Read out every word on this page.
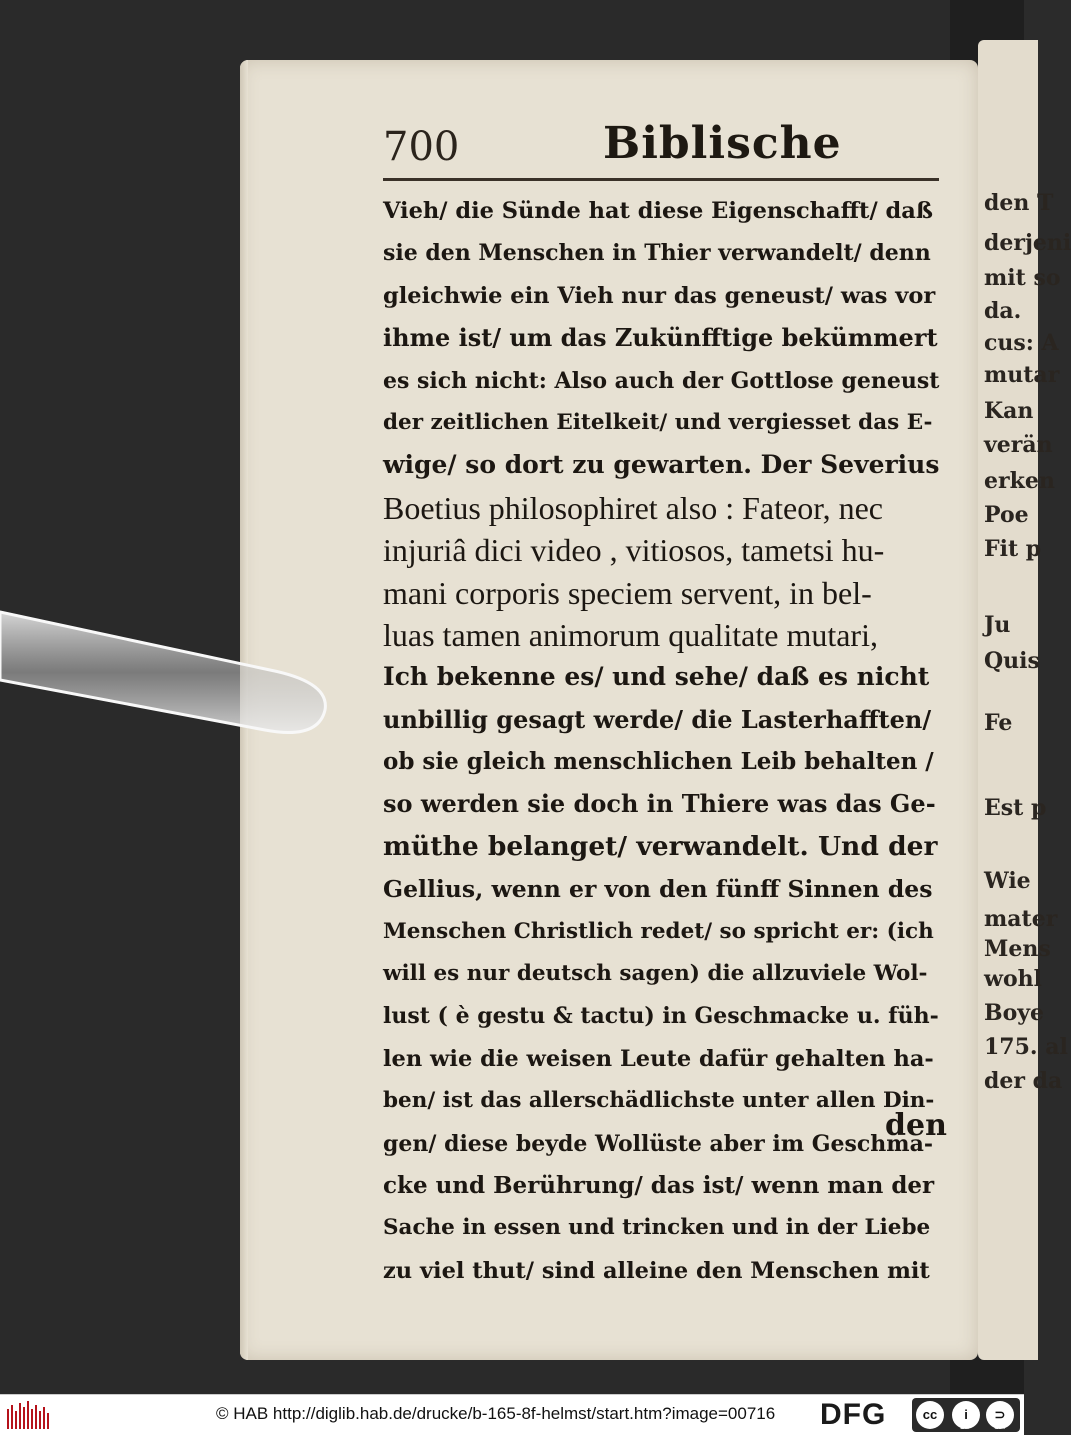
den T
derjeni
mit so
da.
cus: A
mutar
Kan
verän
erken
Poe
Fit p
Ju
Quis
Fe
Est p
Wie
mater
Mens
wohl
Boye
175. al
der da
700	Biblische
Vieh/ die Sünde hat diese Eigenschafft/ daß
sie den Menschen in Thier verwandelt/ denn
gleichwie ein Vieh nur das geneust/ was vor
ihme ist/ um das Zukünfftige bekümmert
es sich nicht: Also auch der Gottlose geneust
der zeitlichen Eitelkeit/ und vergiesset das E-
wige/ so dort zu gewarten. Der Severius
Boetius philosophiret also : Fateor, nec
injuriâ dici video , vitiosos, tametsi hu-
mani corporis speciem servent, in bel-
luas tamen animorum qualitate mutari,
Ich bekenne es/ und sehe/ daß es nicht
unbillig gesagt werde/ die Lasterhafften/
ob sie gleich menschlichen Leib behalten /
so werden sie doch in Thiere was das Ge-
müthe belanget/ verwandelt. Und der
Gellius, wenn er von den fünff Sinnen des
Menschen Christlich redet/ so spricht er: (ich
will es nur deutsch sagen) die allzuviele Wol-
lust ( è gestu & tactu) in Geschmacke u. füh-
len wie die weisen Leute dafür gehalten ha-
ben/ ist das allerschädlichste unter allen Din-
gen/ diese beyde Wollüste aber im Geschma-
cke und Berührung/ das ist/ wenn man der
Sache in essen und trincken und in der Liebe
zu viel thut/ sind alleine den Menschen mit
den
© HAB http://diglib.hab.de/drucke/b-165-8f-helmst/start.htm?image=00716 DFG	cc	i	⊃
BY	SA
